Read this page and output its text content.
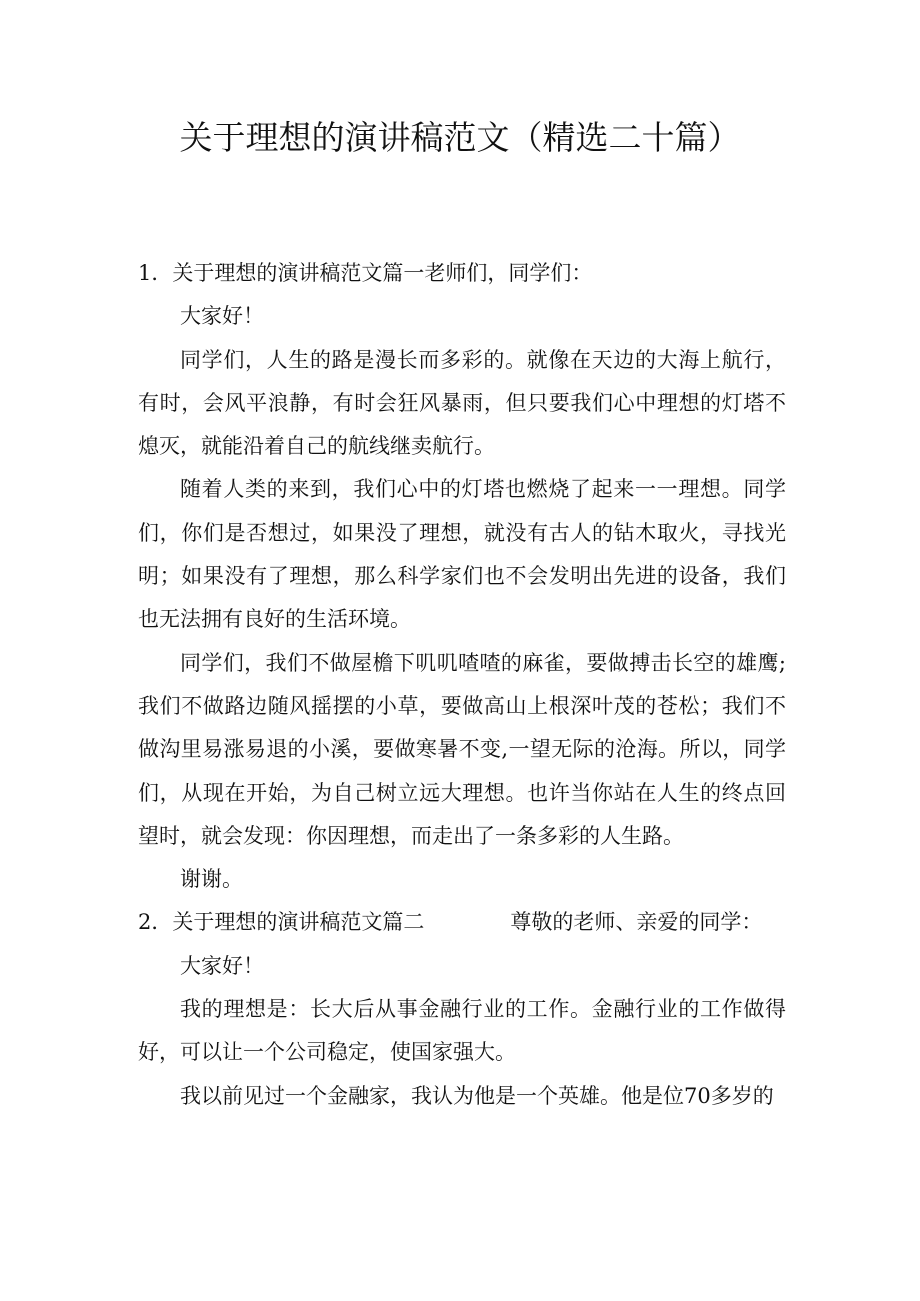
关于理想的演讲稿范文（精选二十篇）

1．关于理想的演讲稿范文篇一老师们，同学们：

大家好！

同学们，人生的路是漫长而多彩的。就像在天边的大海上航行，有时，会风平浪静，有时会狂风暴雨，但只要我们心中理想的灯塔不熄灭，就能沿着自己的航线继卖航行。

随着人类的来到，我们心中的灯塔也燃烧了起来一一理想。同学们，你们是否想过，如果没了理想，就没有古人的钻木取火，寻找光明；如果没有了理想，那么科学家们也不会发明出先进的设备，我们也无法拥有良好的生活环境。

同学们，我们不做屋檐下叽叽喳喳的麻雀，要做搏击长空的雄鹰;我们不做路边随风摇摆的小草，要做高山上根深叶茂的苍松；我们不做沟里易涨易退的小溪，要做寒暑不变,一望无际的沧海。所以，同学们，从现在开始，为自己树立远大理想。也许当你站在人生的终点回望时，就会发现：你因理想，而走出了一条多彩的人生路。

谢谢。

2．关于理想的演讲稿范文篇二	尊敬的老师、亲爱的同学：

大家好！

我的理想是：长大后从事金融行业的工作。金融行业的工作做得好，可以让一个公司稳定，使国家强大。

我以前见过一个金融家，我认为他是一个英雄。他是位70多岁的
